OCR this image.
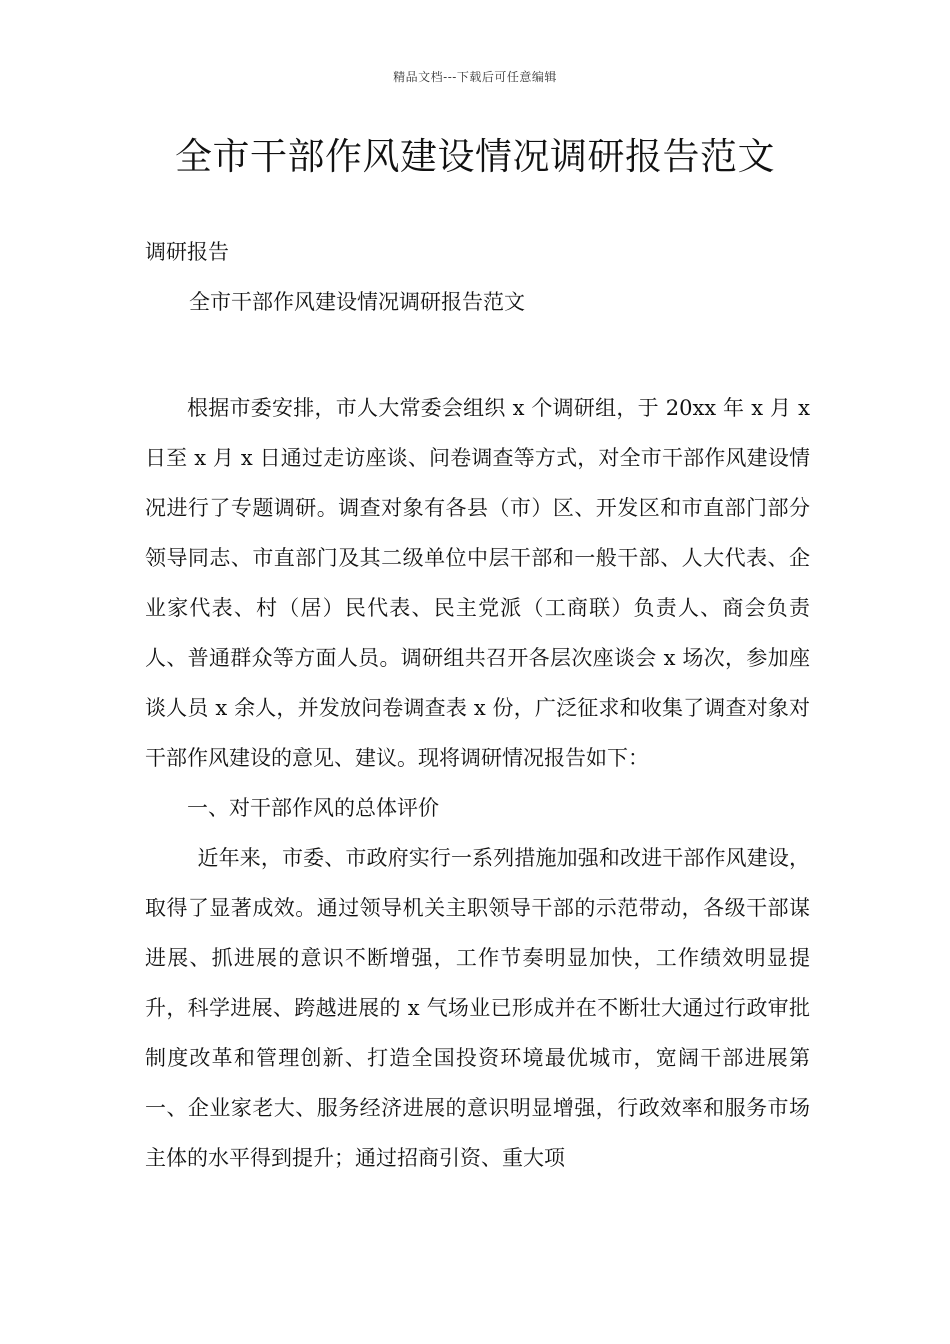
精品文档---下载后可任意编辑
全市干部作风建设情况调研报告范文
调研报告
全市干部作风建设情况调研报告范文

根据市委安排，市人大常委会组织 x 个调研组，于 20xx 年 x 月 x 日至 x 月 x 日通过走访座谈、问卷调查等方式，对全市干部作风建设情况进行了专题调研。调查对象有各县（市）区、开发区和市直部门部分领导同志、市直部门及其二级单位中层干部和一般干部、人大代表、企业家代表、村（居）民代表、民主党派（工商联）负责人、商会负责人、普通群众等方面人员。调研组共召开各层次座谈会 x 场次，参加座谈人员 x 余人，并发放问卷调查表 x 份，广泛征求和收集了调查对象对干部作风建设的意见、建议。现将调研情况报告如下：

一、对干部作风的总体评价

近年来，市委、市政府实行一系列措施加强和改进干部作风建设，取得了显著成效。通过领导机关主职领导干部的示范带动，各级干部谋进展、抓进展的意识不断增强，工作节奏明显加快，工作绩效明显提升，科学进展、跨越进展的 x 气场业已形成并在不断壮大通过行政审批制度改革和管理创新、打造全国投资环境最优城市，宽阔干部进展第一、企业家老大、服务经济进展的意识明显增强，行政效率和服务市场主体的水平得到提升；通过招商引资、重大项
